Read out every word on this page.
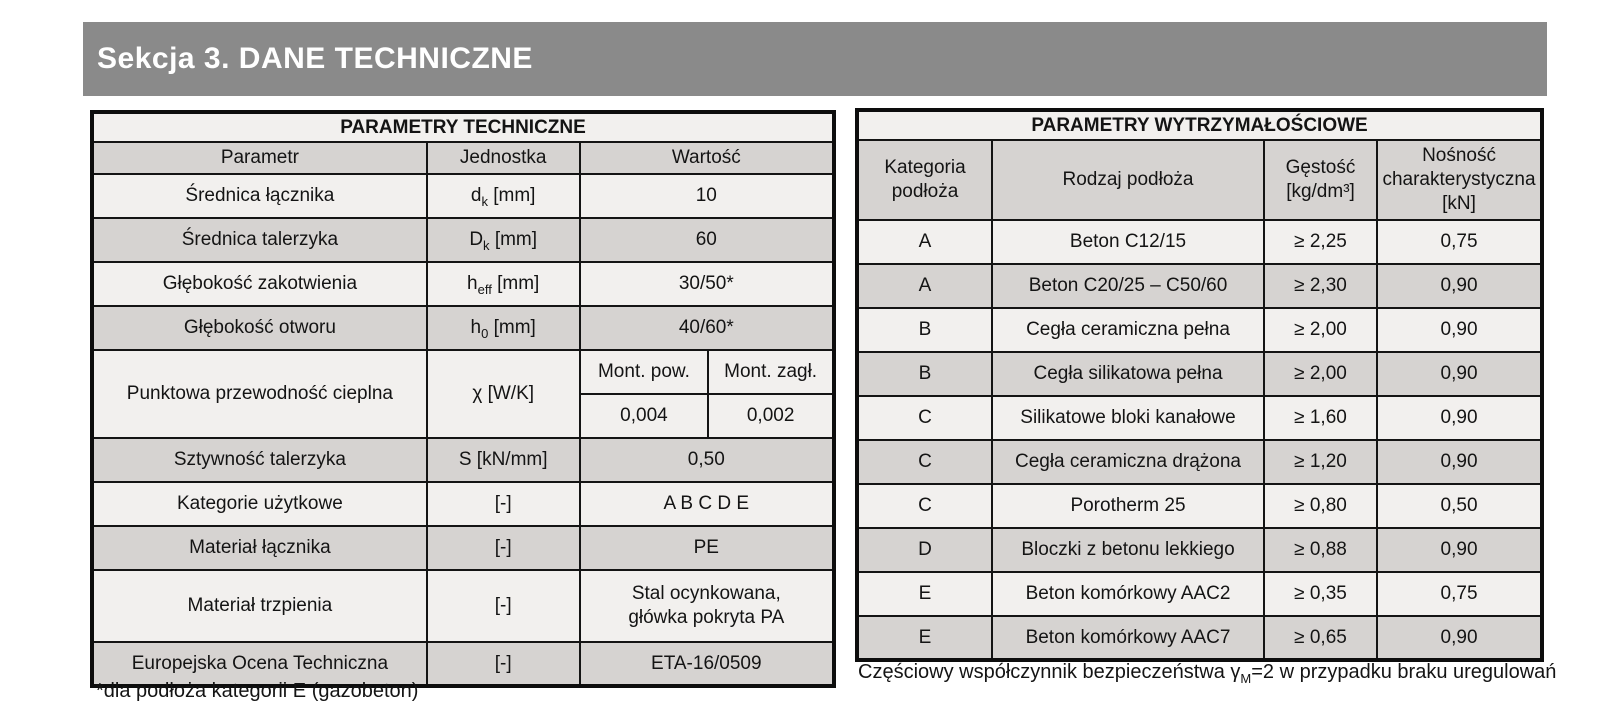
Sekcja 3. DANE TECHNICZNE
PARAMETRY TECHNICZNE			
Parametr	Jednostka	Wartość	
Średnica łącznika	$d_k$ [mm]	10	
Średnica talerzyka	$D_k$ [mm]	60	
Głębokość zakotwienia	$h_{eff}$ [mm]	30/50*	
Głębokość otworu	$h_0$ [mm]	40/60*	
Punktowa przewodność cieplna	χ [W/K]	Mont. pow.	Mont. zagł.
		0,004	0,002
Sztywność talerzyka	S [kN/mm]	0,50	
Kategorie użytkowe	[-]	A B C D E	
Materiał łącznika	[-]	PE	
Materiał trzpienia	[-]	Stal ocynkowana, główka pokryta PA	
Europejska Ocena Techniczna	[-]	ETA-16/0509	
PARAMETRY WYTRZYMAŁOŚCIOWE			
Kategoria podłoża	Rodzaj podłoża	Gęstość [kg/dm³]	Nośność charakterystyczna [kN]
A	Beton C12/15	≥ 2,25	0,75
A	Beton C20/25 – C50/60	≥ 2,30	0,90
B	Cegła ceramiczna pełna	≥ 2,00	0,90
B	Cegła silikatowa pełna	≥ 2,00	0,90
C	Silikatowe bloki kanałowe	≥ 1,60	0,90
C	Cegła ceramiczna drążona	≥ 1,20	0,90
C	Porotherm 25	≥ 0,80	0,50
D	Bloczki z betonu lekkiego	≥ 0,88	0,90
E	Beton komórkowy AAC2	≥ 0,35	0,75
E	Beton komórkowy AAC7	≥ 0,65	0,90
*dla podłoża kategorii E (gazobeton)
Częściowy współczynnik bezpieczeństwa $\gamma_M=2$ w przypadku braku uregulowań
